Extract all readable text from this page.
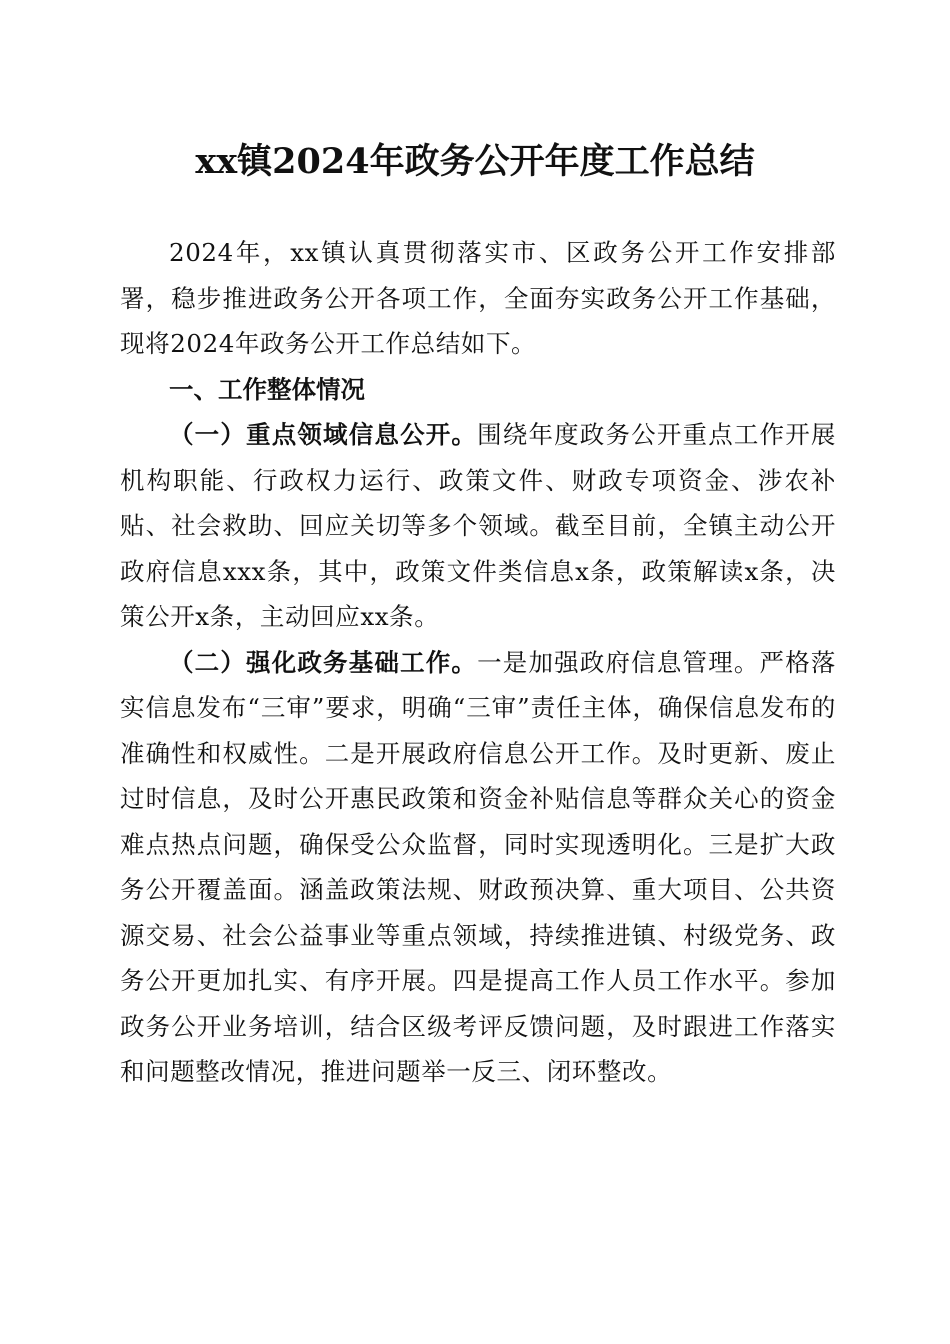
xx镇2024年政务公开年度工作总结

2024年，xx镇认真贯彻落实市、区政务公开工作安排部署，稳步推进政务公开各项工作，全面夯实政务公开工作基础，现将2024年政务公开工作总结如下。

一、工作整体情况

（一）重点领域信息公开。围绕年度政务公开重点工作开展机构职能、行政权力运行、政策文件、财政专项资金、涉农补贴、社会救助、回应关切等多个领域。截至目前，全镇主动公开政府信息xxx条，其中，政策文件类信息x条，政策解读x条，决策公开x条，主动回应xx条。

（二）强化政务基础工作。一是加强政府信息管理。严格落实信息发布“三审”要求，明确“三审”责任主体，确保信息发布的准确性和权威性。二是开展政府信息公开工作。及时更新、废止过时信息，及时公开惠民政策和资金补贴信息等群众关心的资金难点热点问题，确保受公众监督，同时实现透明化。三是扩大政务公开覆盖面。涵盖政策法规、财政预决算、重大项目、公共资源交易、社会公益事业等重点领域，持续推进镇、村级党务、政务公开更加扎实、有序开展。四是提高工作人员工作水平。参加政务公开业务培训，结合区级考评反馈问题，及时跟进工作落实和问题整改情况，推进问题举一反三、闭环整改。
